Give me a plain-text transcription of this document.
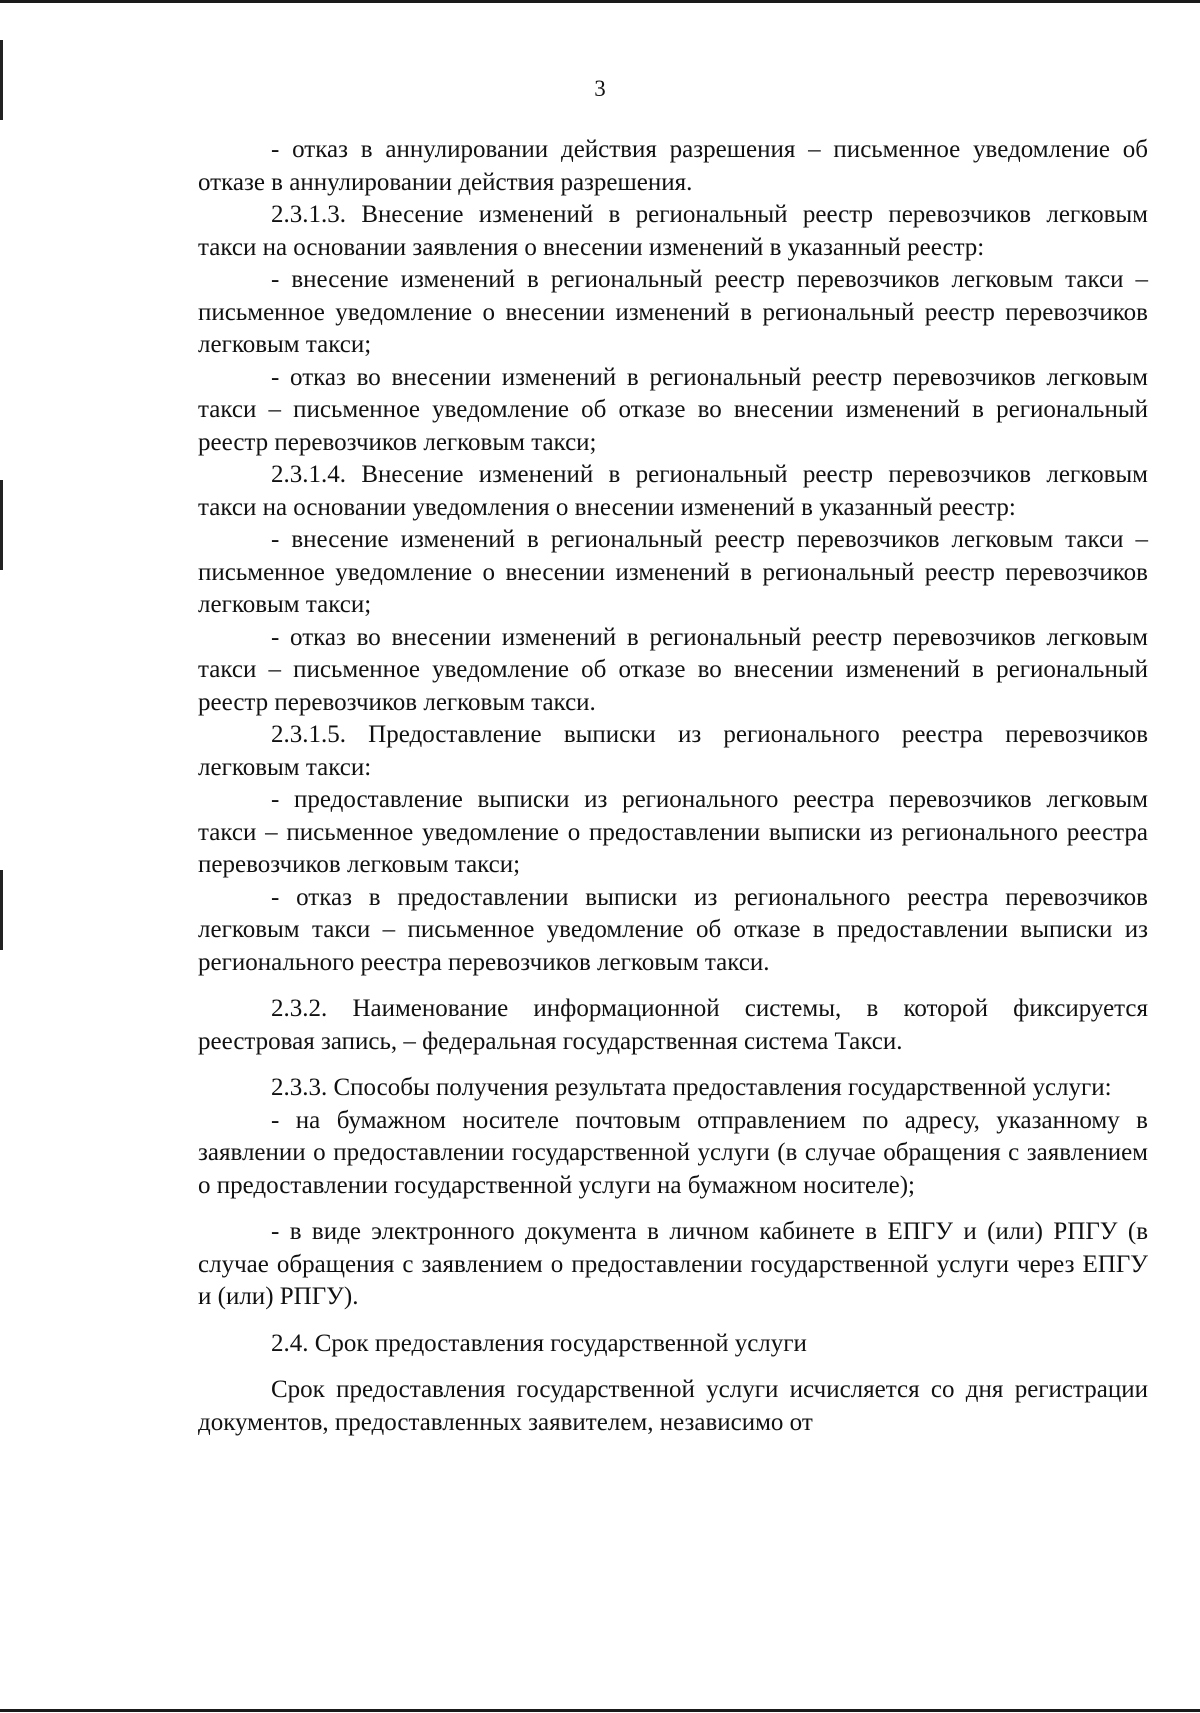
3

- отказ в аннулировании действия разрешения – письменное уведомление об отказе в аннулировании действия разрешения.

2.3.1.3. Внесение изменений в региональный реестр перевозчиков легковым такси на основании заявления о внесении изменений в указанный реестр:

- внесение изменений в региональный реестр перевозчиков легковым такси – письменное уведомление о внесении изменений в региональный реестр перевозчиков легковым такси;

- отказ во внесении изменений в региональный реестр перевозчиков легковым такси – письменное уведомление об отказе во внесении изменений в региональный реестр перевозчиков легковым такси;

2.3.1.4. Внесение изменений в региональный реестр перевозчиков легковым такси на основании уведомления о внесении изменений в указанный реестр:

- внесение изменений в региональный реестр перевозчиков легковым такси – письменное уведомление о внесении изменений в региональный реестр перевозчиков легковым такси;

- отказ во внесении изменений в региональный реестр перевозчиков легковым такси – письменное уведомление об отказе во внесении изменений в региональный реестр перевозчиков легковым такси.

2.3.1.5. Предоставление выписки из регионального реестра перевозчиков легковым такси:

- предоставление выписки из регионального реестра перевозчиков легковым такси – письменное уведомление о предоставлении выписки из регионального реестра перевозчиков легковым такси;

- отказ в предоставлении выписки из регионального реестра перевозчиков легковым такси – письменное уведомление об отказе в предоставлении выписки из регионального реестра перевозчиков легковым такси.

2.3.2. Наименование информационной системы, в которой фиксируется реестровая запись, – федеральная государственная система Такси.

2.3.3. Способы получения результата предоставления государственной услуги:

- на бумажном носителе почтовым отправлением по адресу, указанному в заявлении о предоставлении государственной услуги (в случае обращения с заявлением о предоставлении государственной услуги на бумажном носителе);

- в виде электронного документа в личном кабинете в ЕПГУ и (или) РПГУ (в случае обращения с заявлением о предоставлении государственной услуги через ЕПГУ и (или) РПГУ).

2.4. Срок предоставления государственной услуги

Срок предоставления государственной услуги исчисляется со дня регистрации документов, предоставленных заявителем, независимо от
